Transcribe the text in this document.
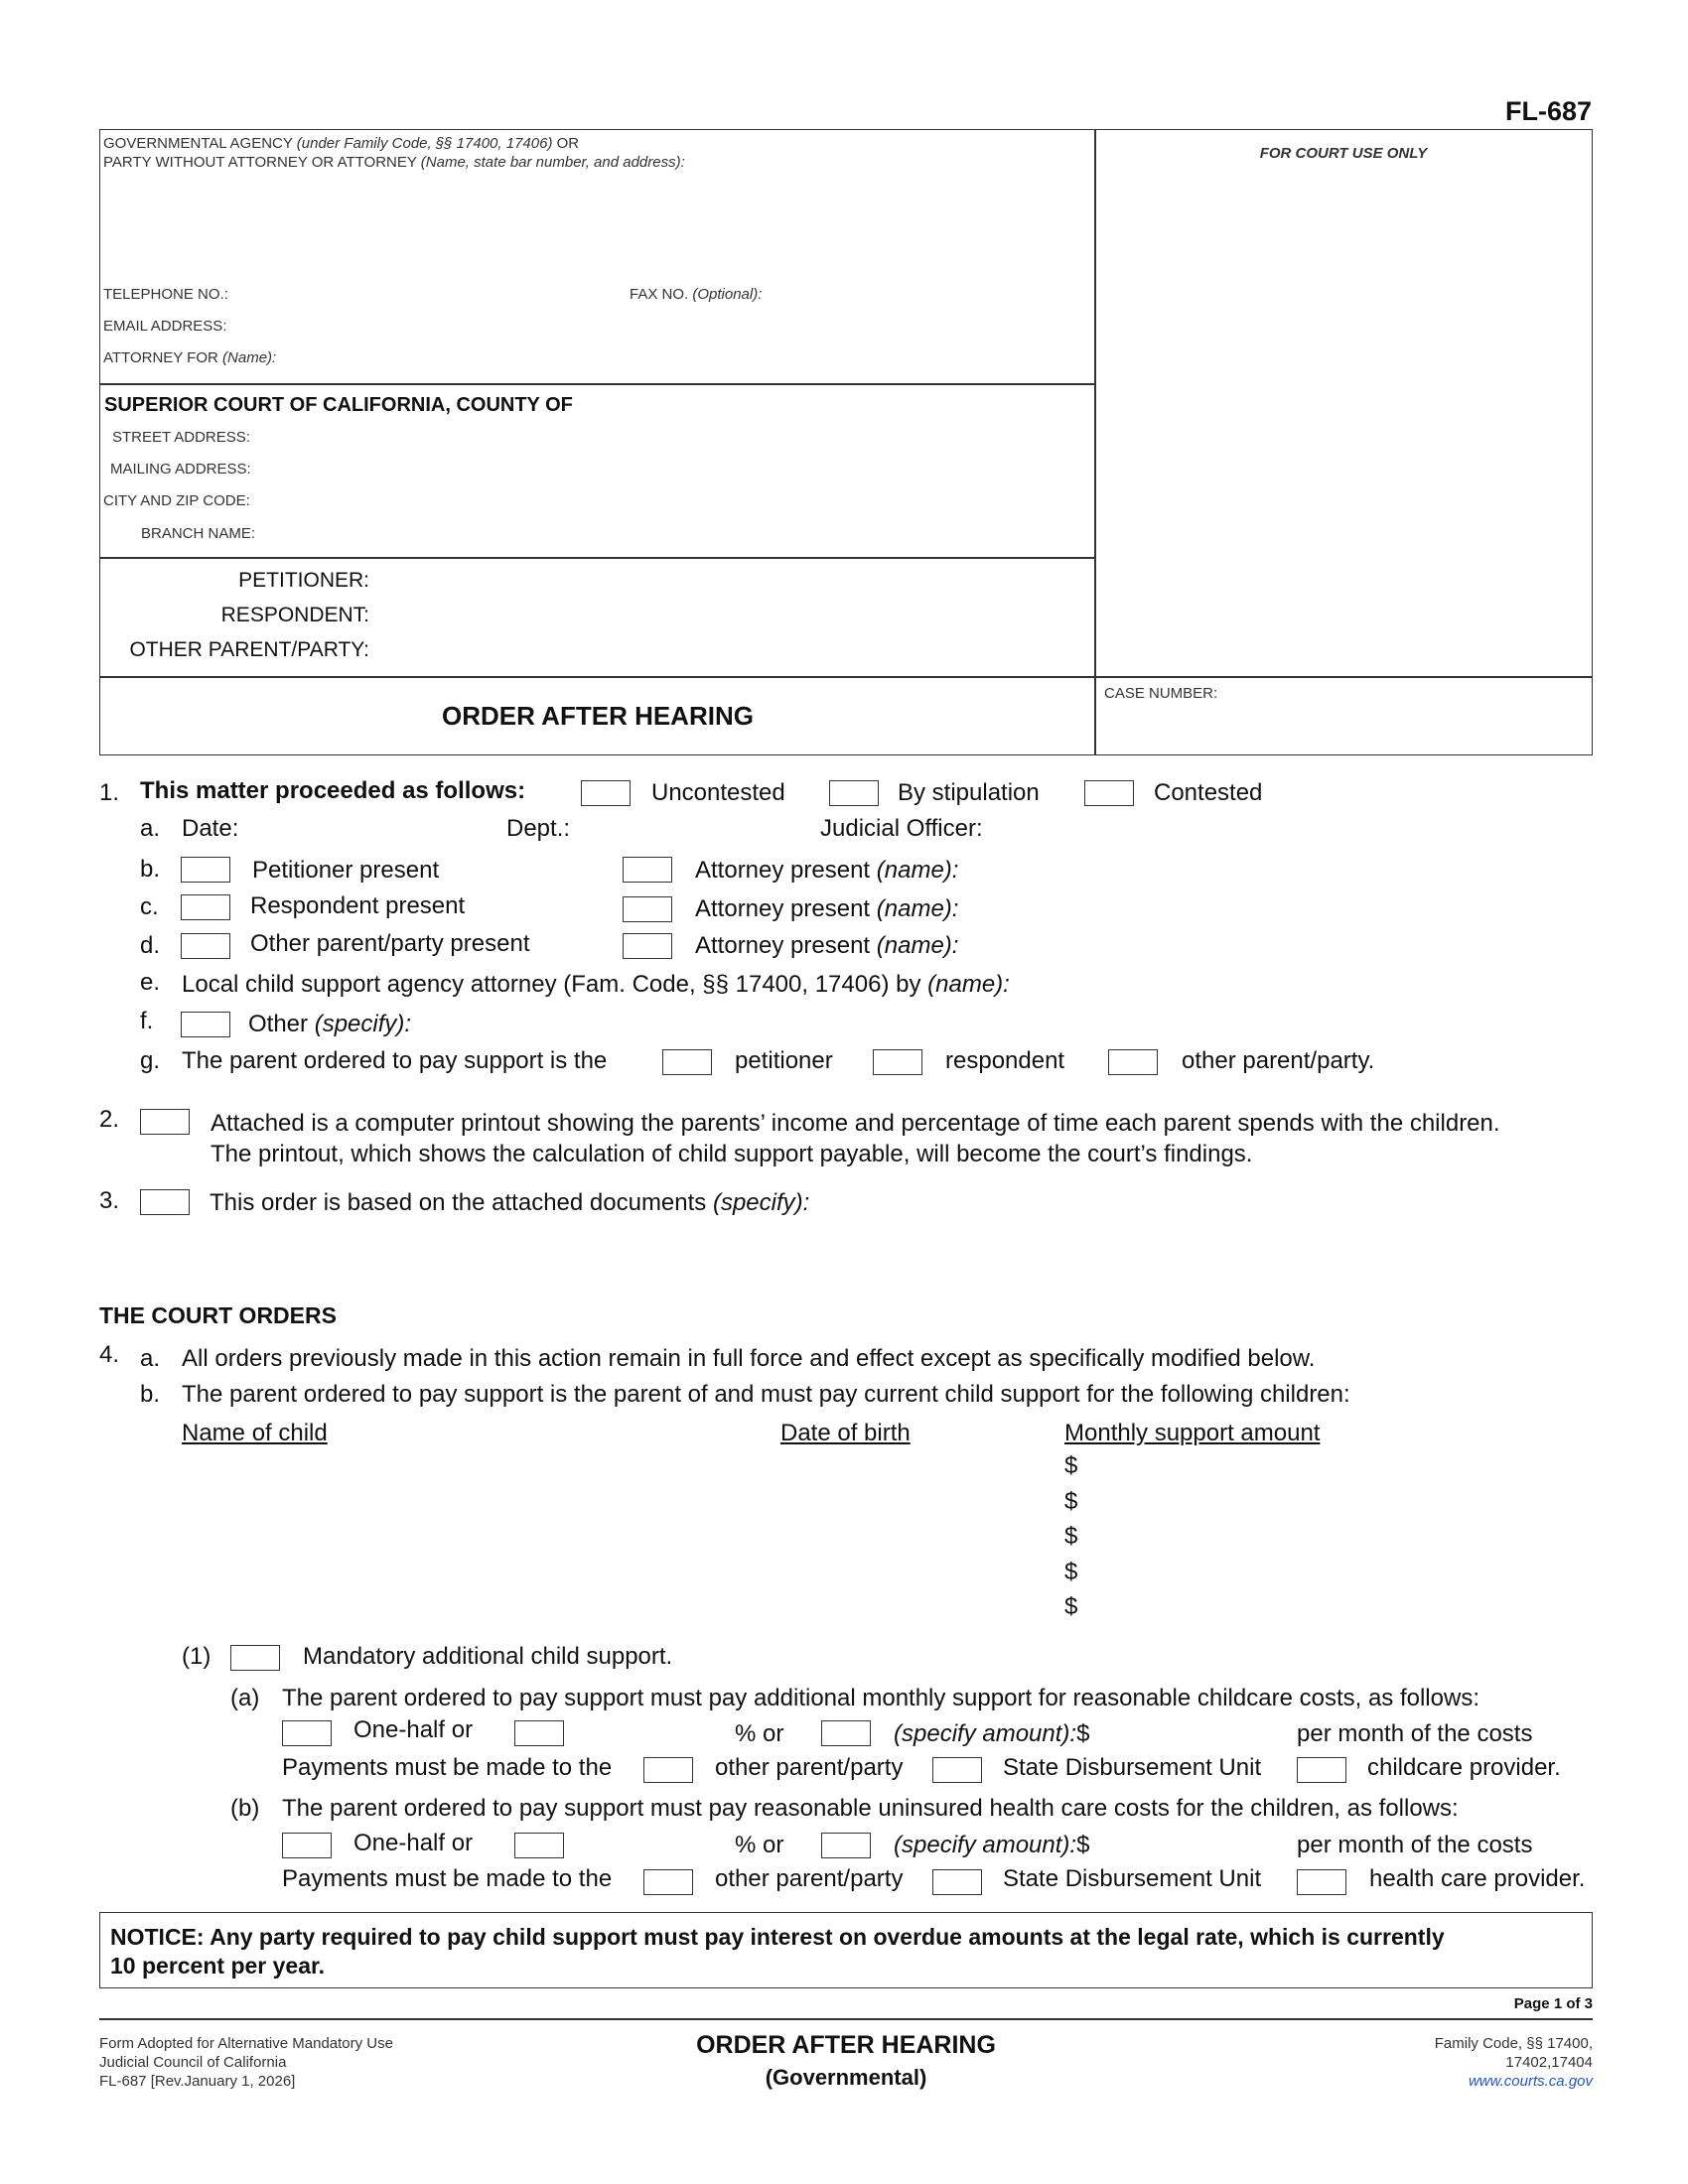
FL-687
GOVERNMENTAL AGENCY (under Family Code, §§ 17400, 17406) OR
PARTY WITHOUT ATTORNEY OR ATTORNEY (Name, state bar number, and address):
TELEPHONE NO.:	FAX NO. (Optional):
EMAIL ADDRESS:
ATTORNEY FOR (Name):
FOR COURT USE ONLY
SUPERIOR COURT OF CALIFORNIA, COUNTY OF
STREET ADDRESS:
MAILING ADDRESS:
CITY AND ZIP CODE:
BRANCH NAME:
PETITIONER:
RESPONDENT:
OTHER PARENT/PARTY:
ORDER AFTER HEARING
CASE NUMBER:
1. This matter proceeded as follows:	Uncontested	By stipulation	Contested
a. Date:	Dept.:	Judicial Officer:
b.	Petitioner present	Attorney present (name):
c.	Respondent present	Attorney present (name):
d.	Other parent/party present	Attorney present (name):
e. Local child support agency attorney (Fam. Code, §§ 17400, 17406) by (name):
f.	Other (specify):
g. The parent ordered to pay support is the	petitioner	respondent	other parent/party.
2.	Attached is a computer printout showing the parents’ income and percentage of time each parent spends with the children.
The printout, which shows the calculation of child support payable, will become the court’s findings.
3.	This order is based on the attached documents (specify):
THE COURT ORDERS
4. a. All orders previously made in this action remain in full force and effect except as specifically modified below.
b. The parent ordered to pay support is the parent of and must pay current child support for the following children:
Name of child	Date of birth	Monthly support amount
$
$
$
$
$
(1)	Mandatory additional child support.
(a) The parent ordered to pay support must pay additional monthly support for reasonable childcare costs, as follows:
One-half or	% or	(specify amount):$	per month of the costs
Payments must be made to the	other parent/party	State Disbursement Unit	childcare provider.
(b) The parent ordered to pay support must pay reasonable uninsured health care costs for the children, as follows:
One-half or	% or	(specify amount):$	per month of the costs
Payments must be made to the	other parent/party	State Disbursement Unit	health care provider.
NOTICE: Any party required to pay child support must pay interest on overdue amounts at the legal rate, which is currently
10 percent per year.
Page 1 of 3
Form Adopted for Alternative Mandatory Use
Judicial Council of California
FL-687 [Rev.January 1, 2026]
ORDER AFTER HEARING
(Governmental)
Family Code, §§ 17400,
17402,17404
www.courts.ca.gov
